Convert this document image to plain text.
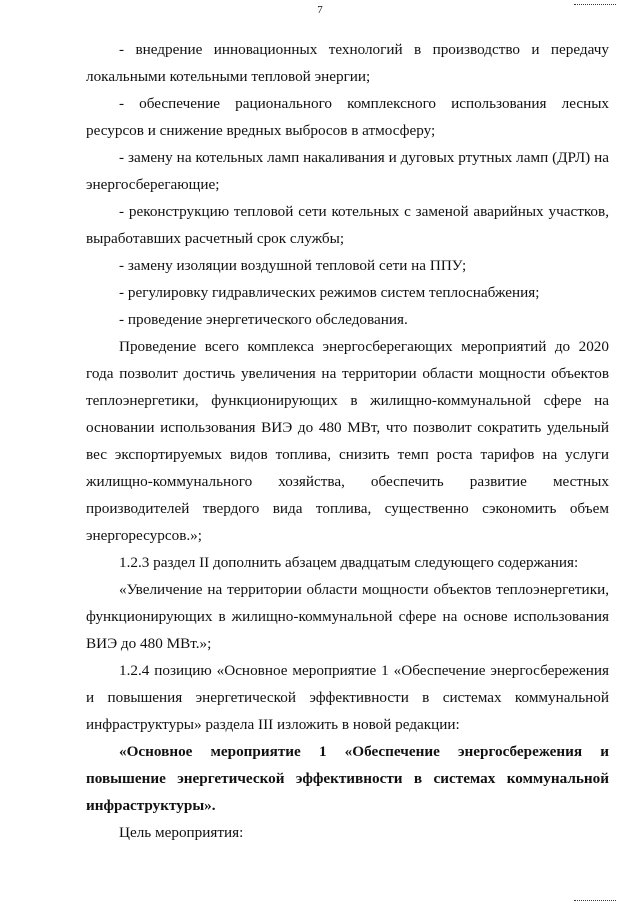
7

- внедрение инновационных технологий в производство и передачу локальными котельными тепловой энергии;

- обеспечение рационального комплексного использования лесных ресурсов и снижение вредных выбросов в атмосферу;

- замену на котельных ламп накаливания и дуговых ртутных ламп (ДРЛ) на энергосберегающие;

- реконструкцию тепловой сети котельных с заменой аварийных участков, выработавших расчетный срок службы;

- замену изоляции воздушной тепловой сети на ППУ;

- регулировку гидравлических режимов систем теплоснабжения;

- проведение энергетического обследования.

Проведение всего комплекса энергосберегающих мероприятий до 2020 года позволит достичь увеличения на территории области мощности объектов теплоэнергетики, функционирующих в жилищно-коммунальной сфере на основании использования ВИЭ до 480 МВт, что позволит сократить удельный вес экспортируемых видов топлива, снизить темп роста тарифов на услуги жилищно-коммунального хозяйства, обеспечить развитие местных производителей твердого вида топлива, существенно сэкономить объем энергоресурсов.»;

1.2.3 раздел II дополнить абзацем двадцатым следующего содержания:

«Увеличение на территории области мощности объектов теплоэнергетики, функционирующих в жилищно-коммунальной сфере на основе использования ВИЭ до 480 МВт.»;

1.2.4 позицию «Основное мероприятие 1 «Обеспечение энергосбережения и повышения энергетической эффективности в системах коммунальной инфраструктуры» раздела III изложить в новой редакции:

«Основное мероприятие 1 «Обеспечение энергосбережения и повышение энергетической эффективности в системах коммунальной инфраструктуры».

Цель мероприятия:
